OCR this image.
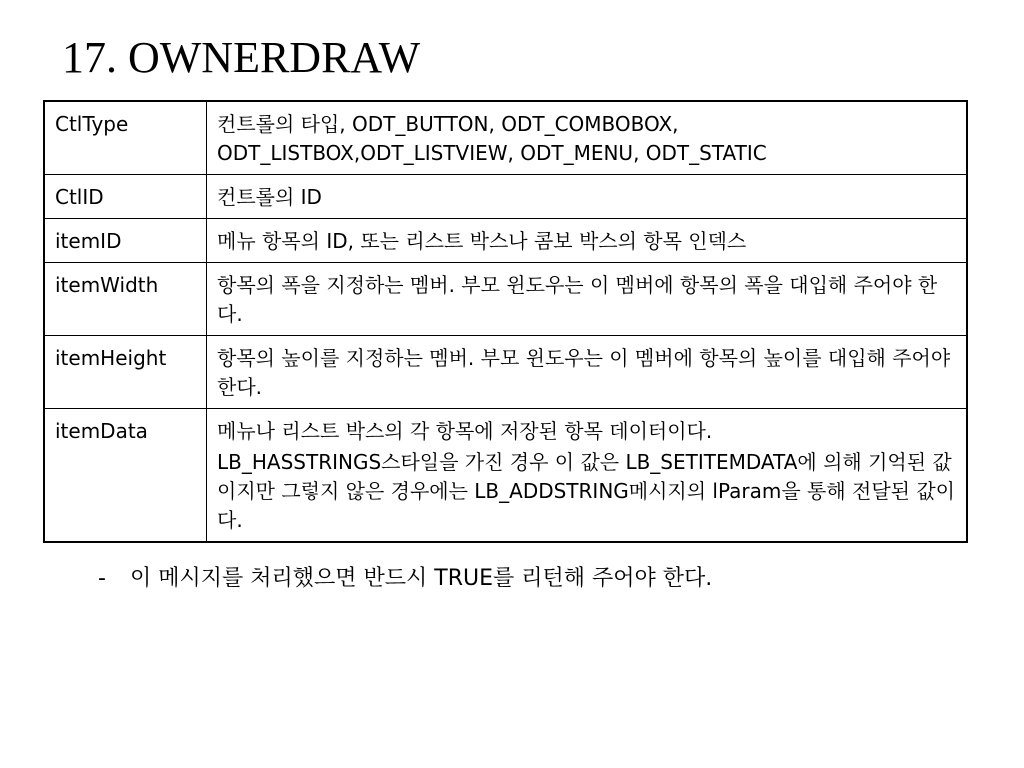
17. OWNERDRAW
CtlType	컨트롤의 타입, ODT_BUTTON, ODT_COMBOBOX, ODT_LISTBOX,ODT_LISTVIEW, ODT_MENU, ODT_STATIC

CtlID	컨트롤의 ID

itemID	메뉴 항목의 ID, 또는 리스트 박스나 콤보 박스의 항목 인덱스

itemWidth	항목의 폭을 지정하는 멤버. 부모 윈도우는 이 멤버에 항목의 폭을 대입해 주어야 한다.

itemHeight	항목의 높이를 지정하는 멤버. 부모 윈도우는 이 멤버에 항목의 높이를 대입해 주어야 한다.

itemData	메뉴나 리스트 박스의 각 항목에 저장된 항목 데이터이다.
LB_HASSTRINGS스타일을 가진 경우 이 값은 LB_SETITEMDATA에 의해 기억된 값이지만 그렇지 않은 경우에는 LB_ADDSTRING메시지의 lParam을 통해 전달된 값이다.
- 이 메시지를 처리했으면 반드시 TRUE를 리턴해 주어야 한다.
